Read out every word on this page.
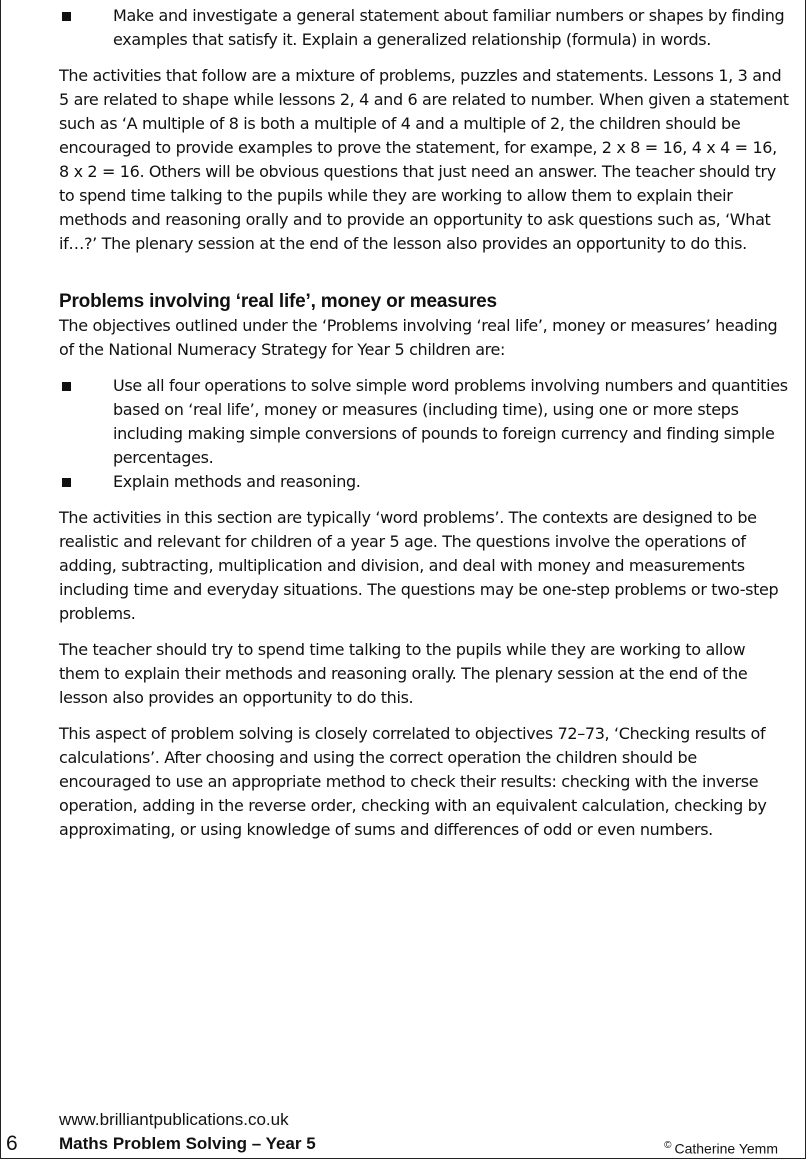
Make and investigate a general statement about familiar numbers or shapes by finding examples that satisfy it. Explain a generalized relationship (formula) in words.

The activities that follow are a mixture of problems, puzzles and statements. Lessons 1, 3 and 5 are related to shape while lessons 2, 4 and 6 are related to number. When given a statement such as ‘A multiple of 8 is both a multiple of 4 and a multiple of 2, the children should be encouraged to provide examples to prove the statement, for exampe, 2 x 8 = 16, 4 x 4 = 16, 8 x 2 = 16. Others will be obvious questions that just need an answer. The teacher should try to spend time talking to the pupils while they are working to allow them to explain their methods and reasoning orally and to provide an opportunity to ask questions such as, ‘What if…?’ The plenary session at the end of the lesson also provides an opportunity to do this.

Problems involving ‘real life’, money or measures

The objectives outlined under the ‘Problems involving ‘real life’, money or measures’ heading of the National Numeracy Strategy for Year 5 children are:

Use all four operations to solve simple word problems involving numbers and quantities based on ‘real life’, money or measures (including time), using one or more steps including making simple conversions of pounds to foreign currency and finding simple percentages.
Explain methods and reasoning.

The activities in this section are typically ‘word problems’. The contexts are designed to be realistic and relevant for children of a year 5 age. The questions involve the operations of adding, subtracting, multiplication and division, and deal with money and measurements including time and everyday situations. The questions may be one-step problems or two-step problems.

The teacher should try to spend time talking to the pupils while they are working to allow them to explain their methods and reasoning orally. The plenary session at the end of the lesson also provides an opportunity to do this.

This aspect of problem solving is closely correlated to objectives 72–73, ‘Checking results of calculations’. After choosing and using the correct operation the children should be encouraged to use an appropriate method to check their results: checking with the inverse operation, adding in the reverse order, checking with an equivalent calculation, checking by approximating, or using knowledge of sums and differences of odd or even numbers.

www.brilliantpublications.co.uk
6 Maths Problem Solving – Year 5	© Catherine Yemm
